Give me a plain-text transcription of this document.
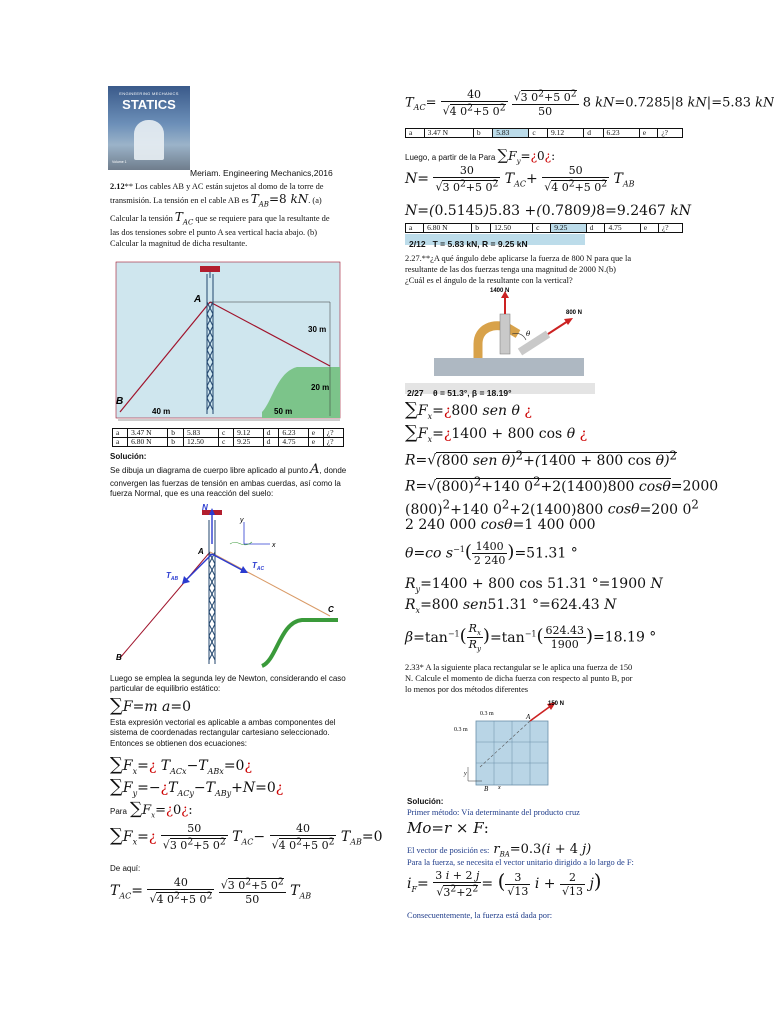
ENGINEERING MECHANICS
STATICS
Volume 1
Meriam. Engineering Mechanics,2016
2.12** Los cables AB y AC están sujetos al domo de la torre de
transmisión. La tensión en el cable AB es $T_{AB}=8$ kN. (a)
Calcular la tensión $T_{AC}$ que se requiere para que la resultante de
las dos tensiones sobre el punto A sea vertical hacia abajo. (b)
Calcular la magnitud de dicha resultante.
A
B
30 m
20 m
40 m	50 m
a	3.47 N	b	5.83	c	9.12	d	6.23	e	¿?
a	6.80 N	b	12.50	c	9.25	d	4.75	e	¿?
Solución:
Se dibuja un diagrama de cuerpo libre aplicado al punto A, donde
convergen las fuerzas de tensión en ambas cuerdas, así como la
fuerza Normal, que es una reacción del suelo:
N
A
B
C
$T_{AB}$
$T_{AC}$
x
y
Luego se emplea la segunda ley de Newton, considerando el caso
particular de equilibrio estático:
∑F=m a=0
Esta expresión vectorial es aplicable a ambas componentes del
sistema de coordenadas rectangular cartesiano seleccionado.
Entonces se obtienen dos ecuaciones:
$\sum F_x=¿$ $T_{ACx}-T_{ABx}=0¿$
$\sum F_y=-¿T_{ACy}-T_{ABy}+N=0¿$
Para $\sum F_x=¿0¿$:
$\sum F_x=¿ \frac{50}{√3 0^2+5 0^2} T_{AC}- \frac{40}{√4 0^2+5 0^2} T_{AB}=0$
De aquí:
$T_{AC}= \frac{40}{√4 0^2+5 0^2}$
$\frac{√3 0^2+5 0^2}{50} T_{AB}$
$T_{AC}= \frac{40}{√4 0^2+5 0^2}$
$\frac{√3 0^2+5 0^2}{50} 8$ kN=0.7285|8 kN|=5.83 kN
a	3.47 N	b	5.83	c	9.12	d	6.23	e	¿?
Luego, a partir de la Para $\sum F_y=¿0¿$:
$N= \frac{30}{√3 0^2+5 0^2} T_{AC}+ \frac{50}{√4 0^2+5 0^2} T_{AB}$
N=(0.5145)5.83 +(0.7809)8=9.2467 kN
a	6.80 N	b	12.50	c	9.25	d	4.75	e	¿?
2/12   T = 5.83 kN, R = 9.25 kN
2.27.**¿A qué ángulo debe aplicarse la fuerza de 800 N para que la
resultante de las dos fuerzas tenga una magnitud de 2000 N.(b)
¿Cuál es el ángulo de la resultante con la vertical?
1400 N
800 N
θ
2/27    θ = 51.3°, β = 18.19°
$\sum F_x=¿800$ sen θ ¿
$\sum F_x=¿1400 + 800$ cos θ ¿
R=√(800 sen θ)$^2$+(1400 + 800 cos θ)$^2$
$R=√(800)^2+140$ $0^2+2(1400)800$ cosθ=2000
$(800)^2+140$ $0^2+2(1400)800$ cosθ=200 $0^2$
2 240 000 cosθ=1 400 000
θ=co $s^{-1}( \frac{1400}{2 240} )=51.31$ °
$R_y=1400 + 800$ cos 51.31 °=1900 N
$R_x=800$ sen51.31 °=624.43 N
$\beta=\tan^{-1}( \frac{R_x}{R_y} )=\tan^{-1}( \frac{624.43}{1900} )=18.19$ °
2.33* A la siguiente placa rectangular se le aplica una fuerza de 150
N. Calcule el momento de dicha fuerza con respecto al punto B, por
lo menos por dos métodos diferentes
150 N
0.3 m
0.3 m
A
B x
y
Solución:
Primer método: Vía determinante del producto cruz
Mo=r × F:
El vector de posición es: $r_{BA}=0.3(i + 4$ j)
Para la fuerza, se necesita el vector unitario dirigido a lo largo de F:
$i_F= \frac{3 i + 2 j}{√3^2+2^2}$ = ( $\frac{3}{√13}$ $i + \frac{2}{√13} j$)
Consecuentemente, la fuerza está dada por:
